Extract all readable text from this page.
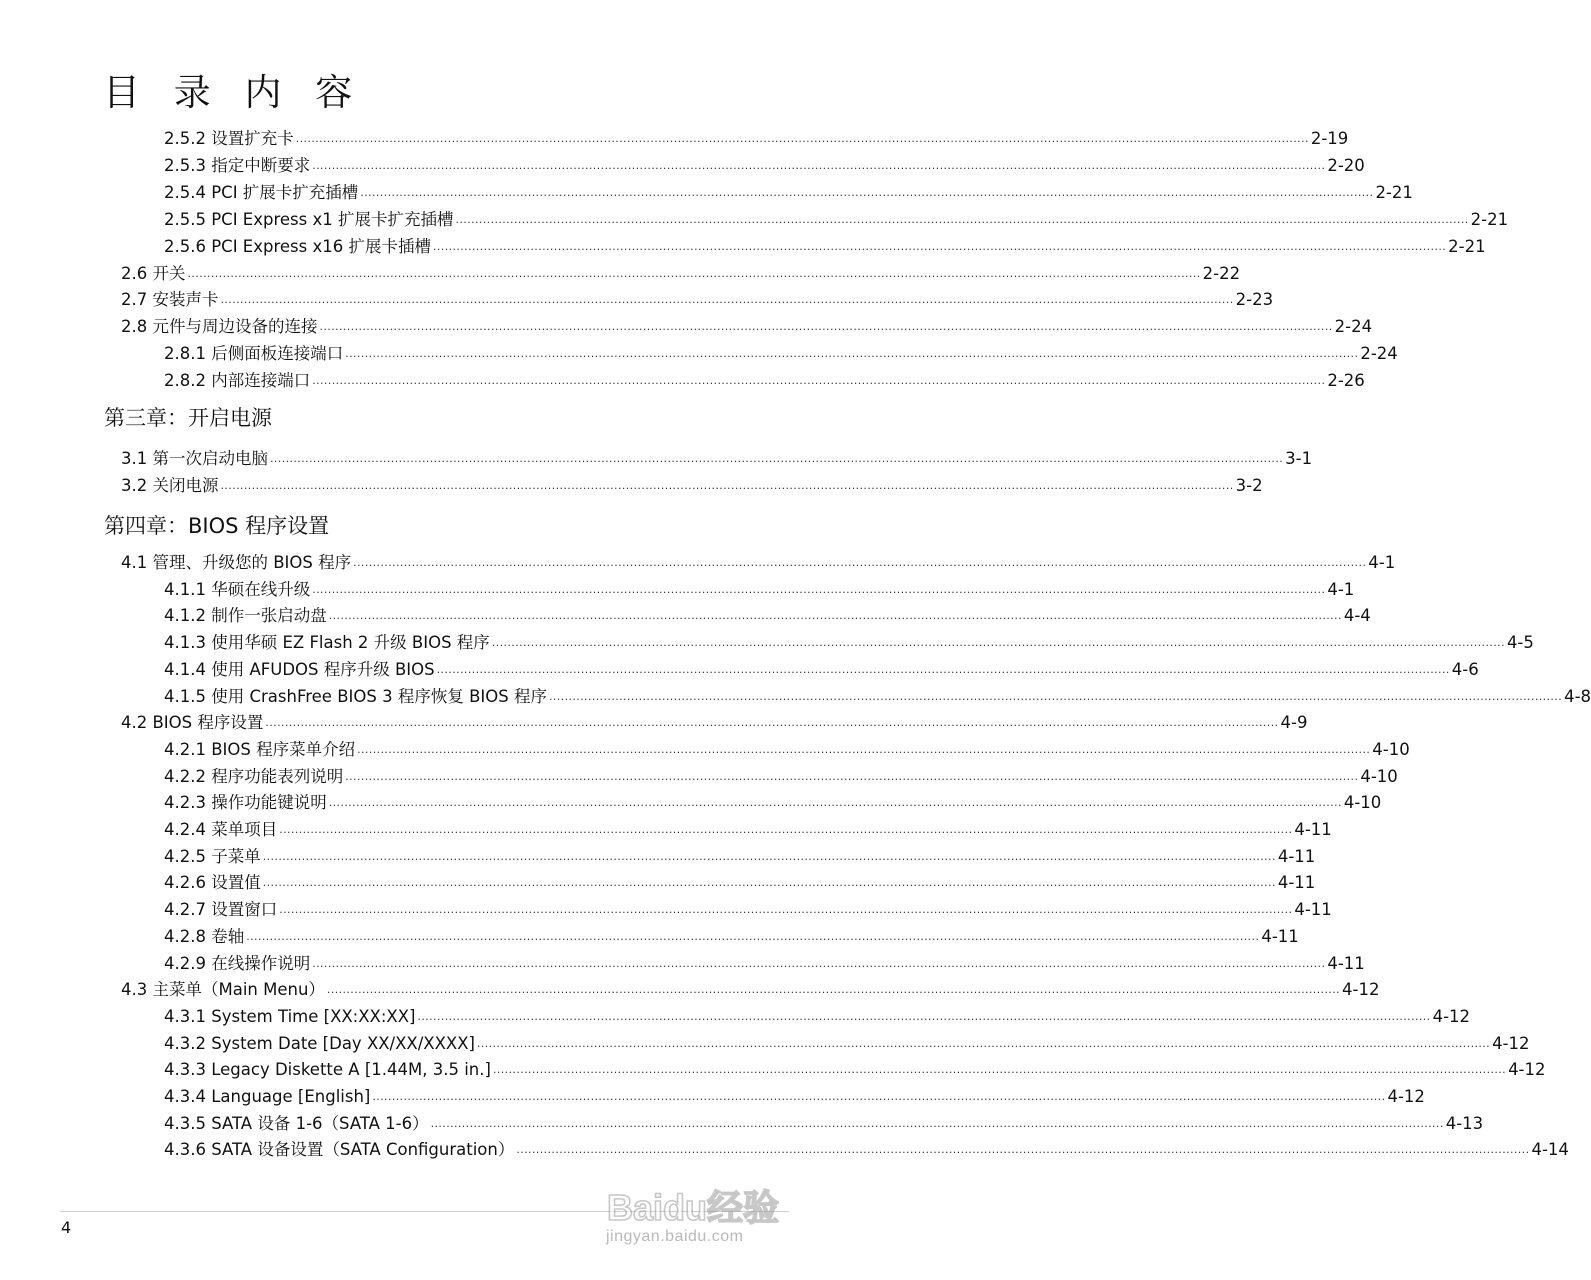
目 录 内 容
2.5.2 设置扩充卡 .................................................................................................................................................................................................................................................................... 2-19
2.5.3 指定中断要求 .................................................................................................................................................................................................................................................................... 2-20
2.5.4 PCI 扩展卡扩充插槽 .................................................................................................................................................................................................................................................................... 2-21
2.5.5 PCI Express x1 扩展卡扩充插槽 .................................................................................................................................................................................................................................................................... 2-21
2.5.6 PCI Express x16 扩展卡插槽 .................................................................................................................................................................................................................................................................... 2-21
2.6 开关 .................................................................................................................................................................................................................................................................... 2-22
2.7 安装声卡 .................................................................................................................................................................................................................................................................... 2-23
2.8 元件与周边设备的连接 .................................................................................................................................................................................................................................................................... 2-24
2.8.1 后侧面板连接端口 .................................................................................................................................................................................................................................................................... 2-24
2.8.2 内部连接端口 .................................................................................................................................................................................................................................................................... 2-26
第三章：开启电源
3.1 第一次启动电脑 .................................................................................................................................................................................................................................................................... 3-1
3.2 关闭电源 .................................................................................................................................................................................................................................................................... 3-2
第四章：BIOS 程序设置
4.1 管理、升级您的 BIOS 程序 .................................................................................................................................................................................................................................................................... 4-1
4.1.1 华硕在线升级 .................................................................................................................................................................................................................................................................... 4-1
4.1.2 制作一张启动盘 .................................................................................................................................................................................................................................................................... 4-4
4.1.3 使用华硕 EZ Flash 2 升级 BIOS 程序 .................................................................................................................................................................................................................................................................... 4-5
4.1.4 使用 AFUDOS 程序升级 BIOS .................................................................................................................................................................................................................................................................... 4-6
4.1.5 使用 CrashFree BIOS 3 程序恢复 BIOS 程序 .................................................................................................................................................................................................................................................................... 4-8
4.2 BIOS 程序设置 .................................................................................................................................................................................................................................................................... 4-9
4.2.1 BIOS 程序菜单介绍 .................................................................................................................................................................................................................................................................... 4-10
4.2.2 程序功能表列说明 .................................................................................................................................................................................................................................................................... 4-10
4.2.3 操作功能键说明 .................................................................................................................................................................................................................................................................... 4-10
4.2.4 菜单项目 .................................................................................................................................................................................................................................................................... 4-11
4.2.5 子菜单 .................................................................................................................................................................................................................................................................... 4-11
4.2.6 设置值 .................................................................................................................................................................................................................................................................... 4-11
4.2.7 设置窗口 .................................................................................................................................................................................................................................................................... 4-11
4.2.8 卷轴 .................................................................................................................................................................................................................................................................... 4-11
4.2.9 在线操作说明 .................................................................................................................................................................................................................................................................... 4-11
4.3 主菜单（Main Menu） .................................................................................................................................................................................................................................................................... 4-12
4.3.1 System Time [XX:XX:XX] .................................................................................................................................................................................................................................................................... 4-12
4.3.2 System Date [Day XX/XX/XXXX] .................................................................................................................................................................................................................................................................... 4-12
4.3.3 Legacy Diskette A [1.44M, 3.5 in.] .................................................................................................................................................................................................................................................................... 4-12
4.3.4 Language [English] .................................................................................................................................................................................................................................................................... 4-12
4.3.5 SATA 设备 1-6（SATA 1-6） .................................................................................................................................................................................................................................................................... 4-13
4.3.6 SATA 设备设置（SATA Configuration） .................................................................................................................................................................................................................................................................... 4-14
4	Baidu经验
jingyan.baidu.com
